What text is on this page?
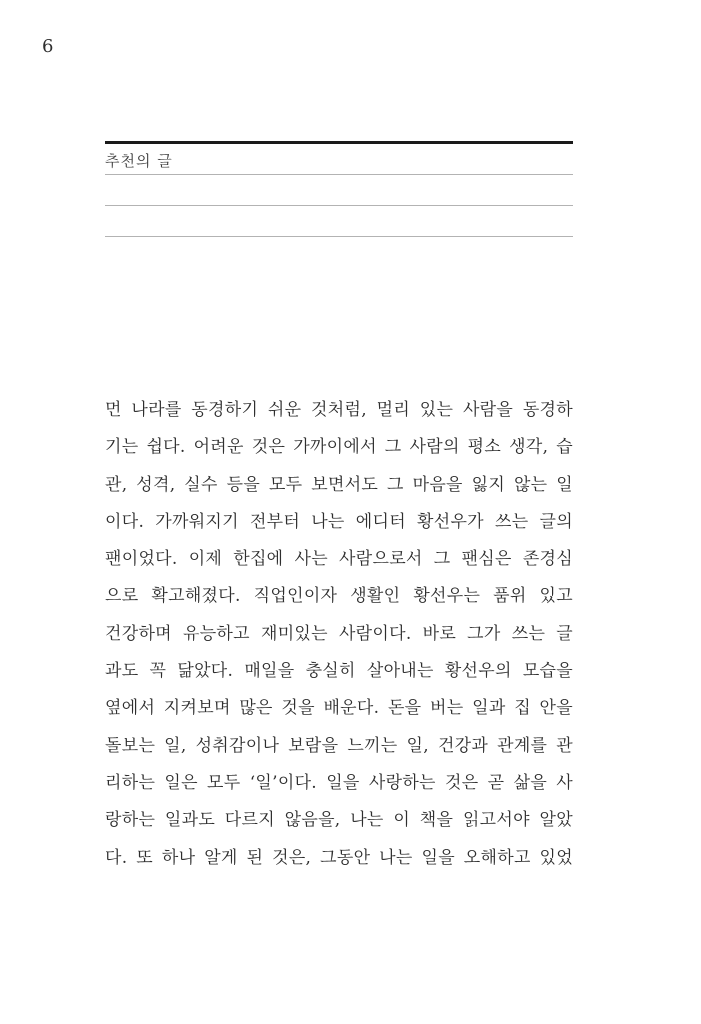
6
추천의 글
먼 나라를 동경하기 쉬운 것처럼, 멀리 있는 사람을 동경하
기는 쉽다. 어려운 것은 가까이에서 그 사람의 평소 생각, 습
관, 성격, 실수 등을 모두 보면서도 그 마음을 잃지 않는 일
이다. 가까워지기 전부터 나는 에디터 황선우가 쓰는 글의
팬이었다. 이제 한집에 사는 사람으로서 그 팬심은 존경심
으로 확고해졌다. 직업인이자 생활인 황선우는 품위 있고
건강하며 유능하고 재미있는 사람이다. 바로 그가 쓰는 글
과도 꼭 닮았다. 매일을 충실히 살아내는 황선우의 모습을
옆에서 지켜보며 많은 것을 배운다. 돈을 버는 일과 집 안을
돌보는 일, 성취감이나 보람을 느끼는 일, 건강과 관계를 관
리하는 일은 모두 ‘일’이다. 일을 사랑하는 것은 곧 삶을 사
랑하는 일과도 다르지 않음을, 나는 이 책을 읽고서야 알았
다. 또 하나 알게 된 것은, 그동안 나는 일을 오해하고 있었
